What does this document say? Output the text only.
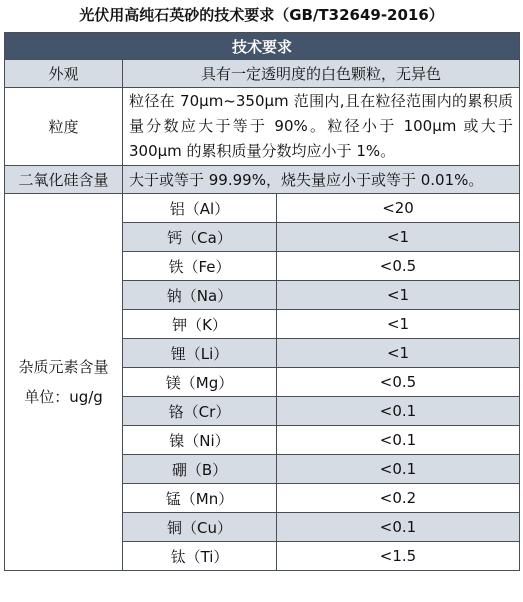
光伏用高纯石英砂的技术要求（GB/T32649-2016）
技术要求		
外观	具有一定透明度的白色颗粒，无异色	
粒度	粒径在 70μm~350μm 范围内,且在粒径范围内的累积质量分数应大于等于 90%。粒径小于 100μm 或大于 300μm 的累积质量分数均应小于 1%。	
二氧化硅含量	大于或等于 99.99%，烧失量应小于或等于 0.01%。	

杂质元素含量
单位：ug/g	铝（Al）	<20
	钙（Ca）	<1
	铁（Fe）	<0.5
	钠（Na）	<1
	钾（K）	<1
	锂（Li）	<1
	镁（Mg）	<0.5
	铬（Cr）	<0.1
	镍（Ni）	<0.1
	硼（B）	<0.1
	锰（Mn）	<0.2
	铜（Cu）	<0.1
	钛（Ti）	<1.5
